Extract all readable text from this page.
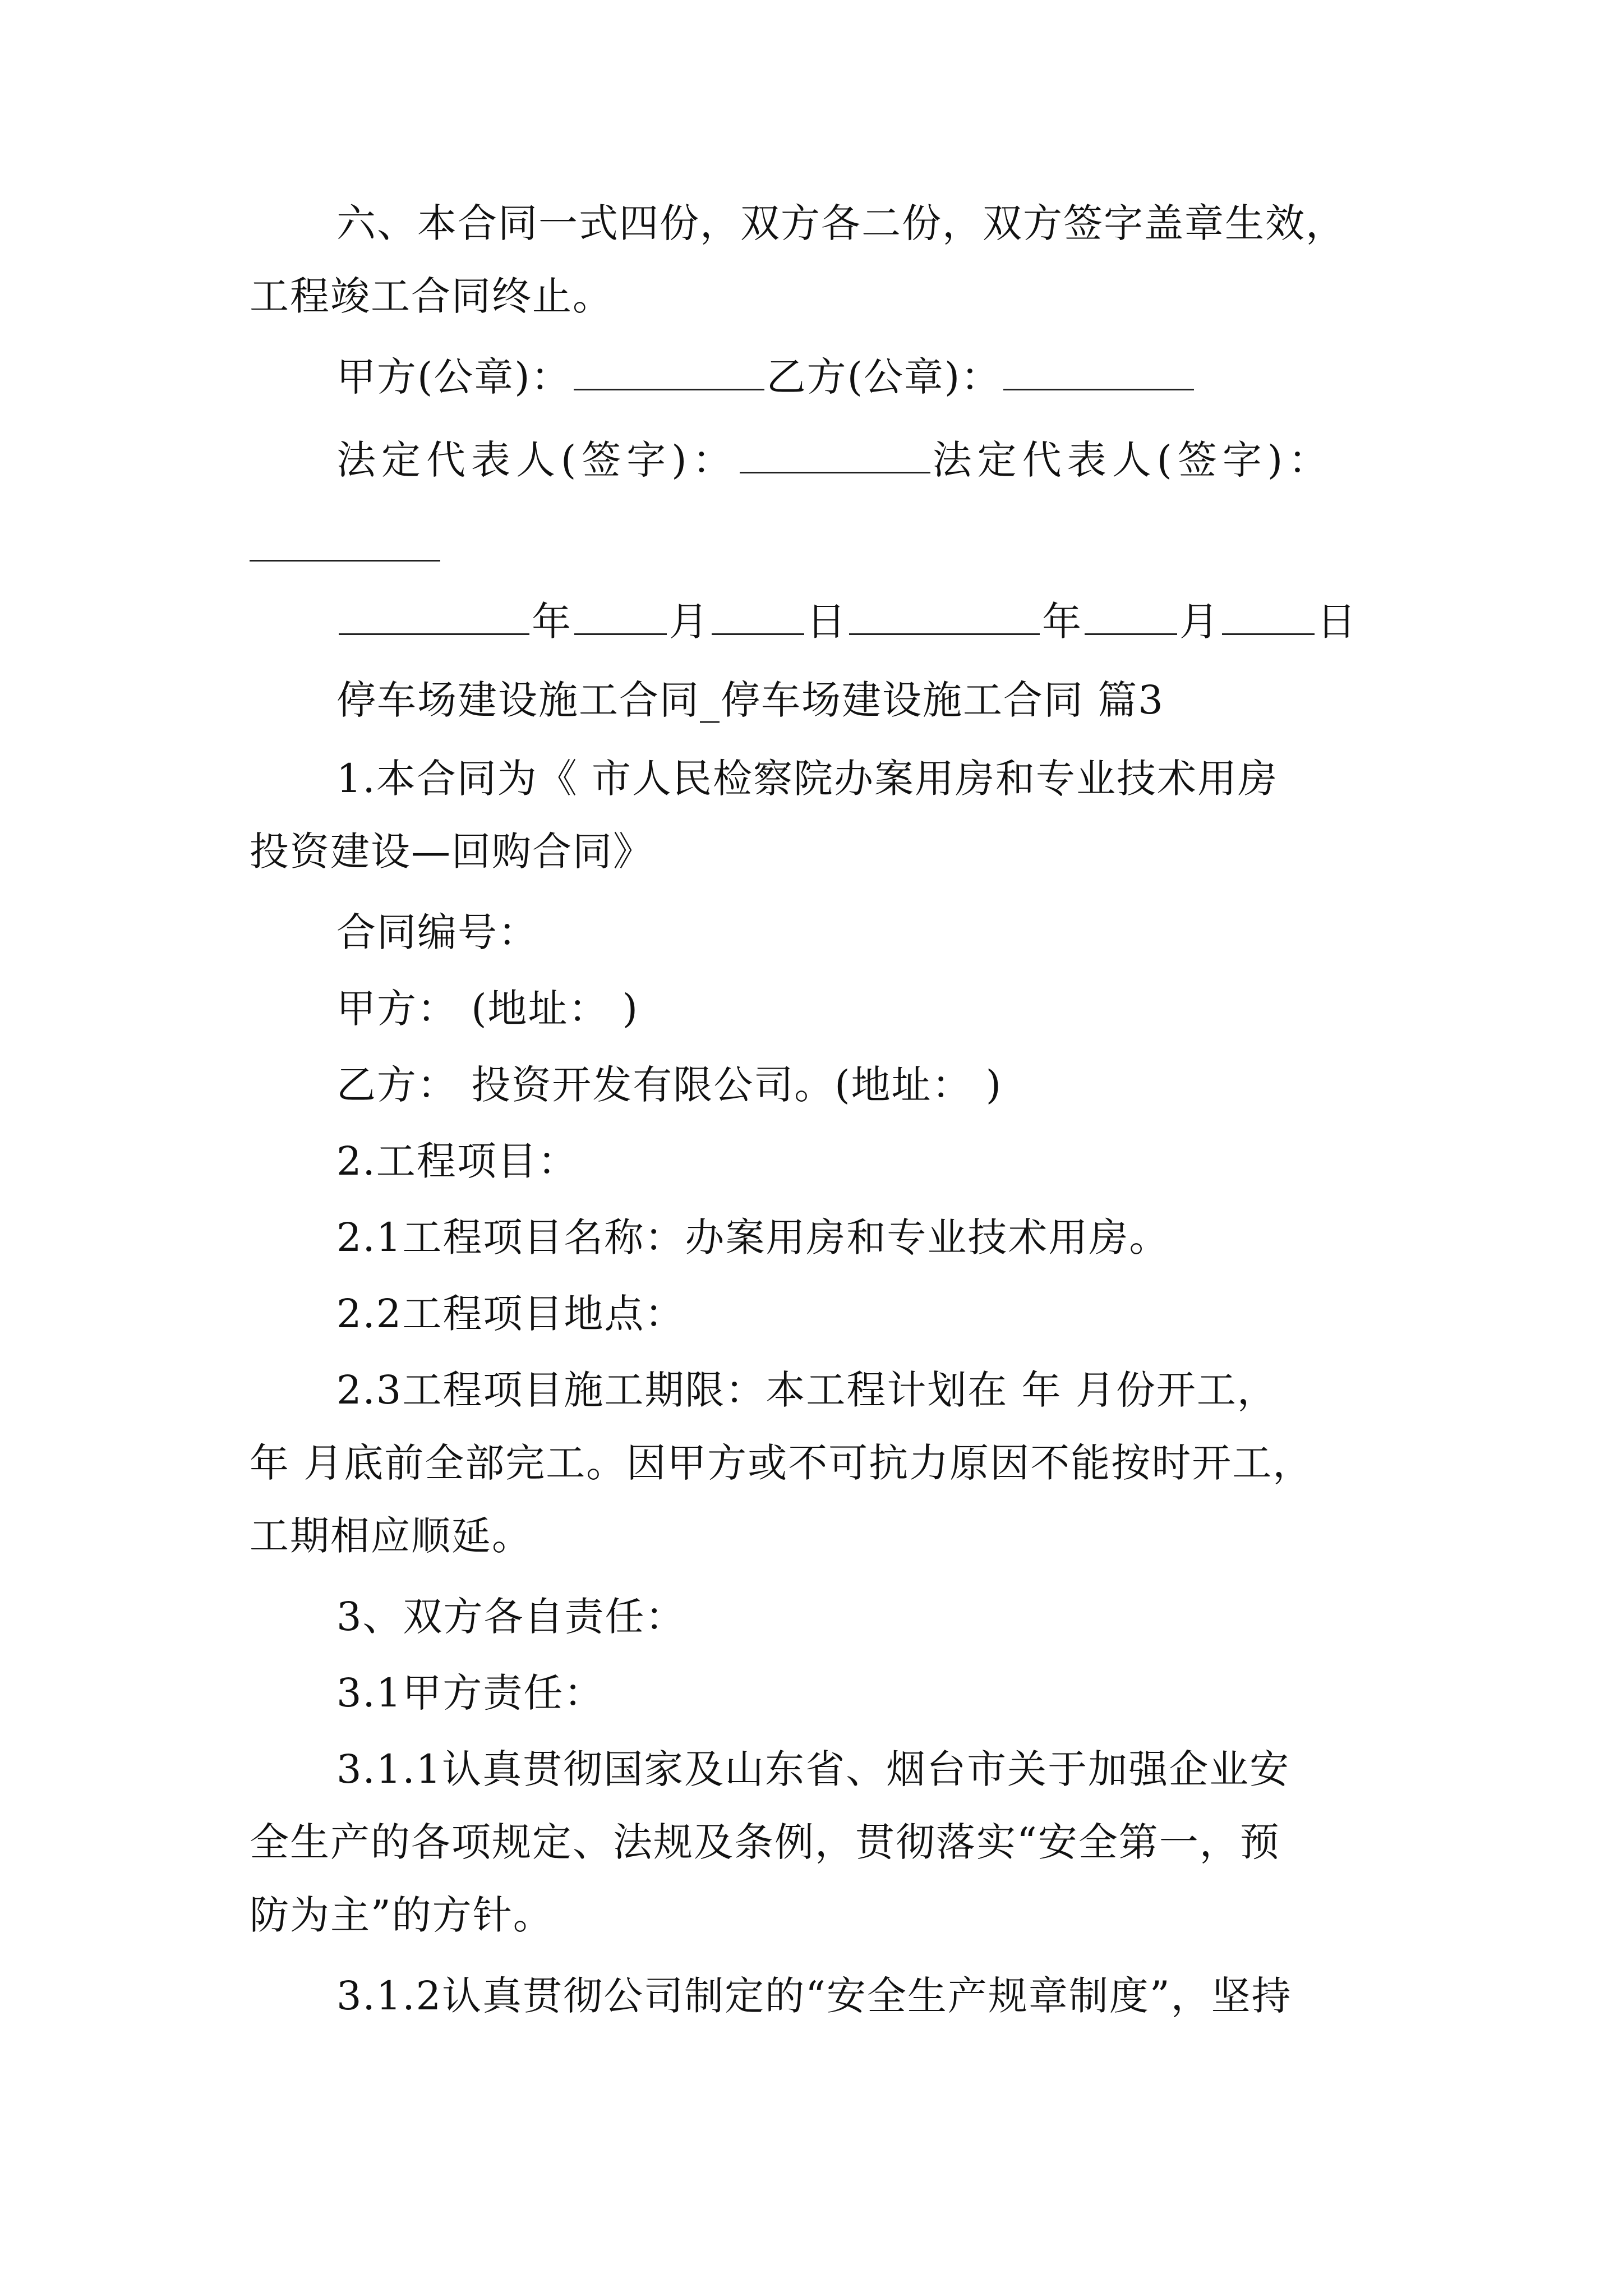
六、本合同一式四份，双方各二份，双方签字盖章生效，
工程竣工合同终止。
甲方(公章)：	乙方(公章)：
法定代表人(签字)：	法定代表人(签字)：
年 月 日	年 月 日
停车场建设施工合同_停车场建设施工合同 篇3
1.本合同为《 市人民检察院办案用房和专业技术用房
投资建设—回购合同》
合同编号：
甲方： (地址： )
乙方： 投资开发有限公司。(地址： )
2.工程项目：
2.1工程项目名称：办案用房和专业技术用房。
2.2工程项目地点：
2.3工程项目施工期限：本工程计划在 年 月份开工，
年 月底前全部完工。因甲方或不可抗力原因不能按时开工，
工期相应顺延。
3、双方各自责任：
3.1甲方责任：
3.1.1认真贯彻国家及山东省、烟台市关于加强企业安
全生产的各项规定、法规及条例，贯彻落实“安全第一，预
防为主”的方针。
3.1.2认真贯彻公司制定的“安全生产规章制度”，坚持
